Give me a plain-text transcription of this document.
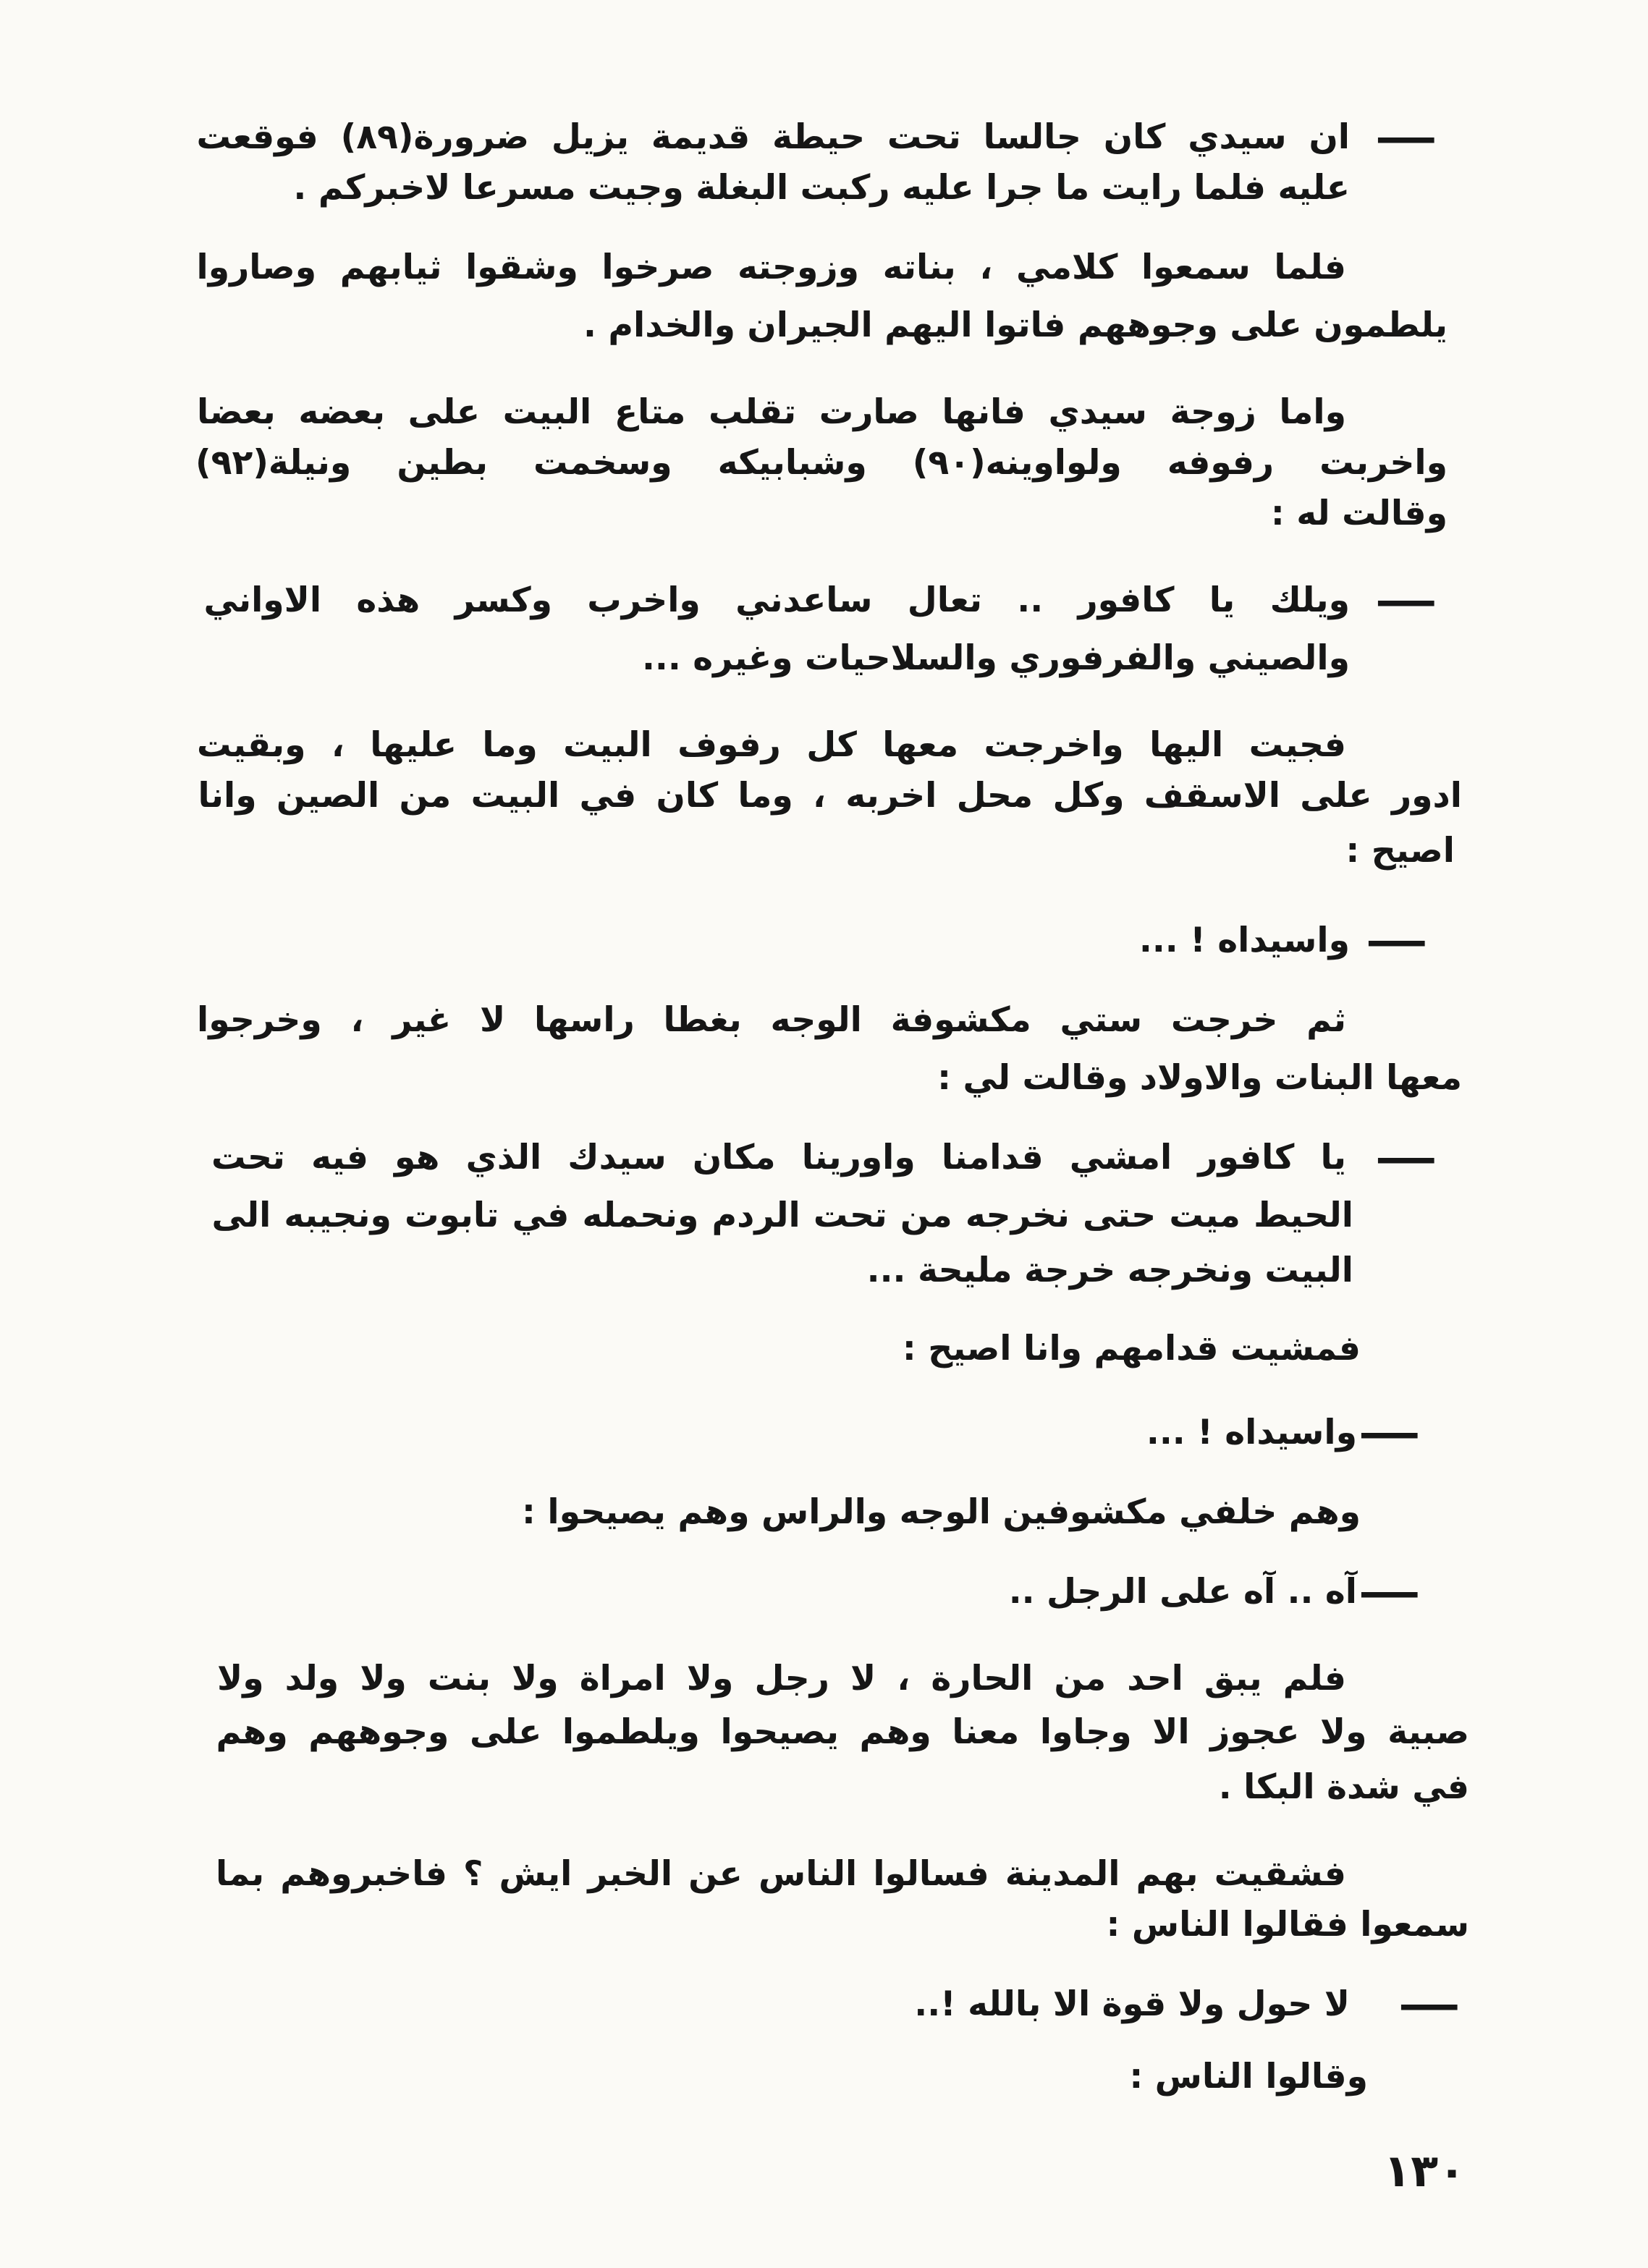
—
—
—
—
—
—
—
ان سيدي كان جالسا تحت حيطة قديمة يزيل ضرورة(٨٩) فوقعت
عليه فلما رايت ما جرا عليه ركبت البغلة وجيت مسرعا لاخبركم .
فلما سمعوا كلامي ، بناته وزوجته صرخوا وشقوا ثيابهم وصاروا
يلطمون على وجوههم فاتوا اليهم الجيران والخدام .
واما زوجة سيدي فانها صارت تقلب متاع البيت على بعضه بعضا
واخربت رفوفه ولواوينه(٩٠) وشبابيكه وسخمت بطين ونيلة(٩٢)
وقالت له :
ويلك يا كافور .. تعال ساعدني واخرب وكسر هذه الاواني
والصيني والفرفوري والسلاحيات وغيره ...
فجيت اليها واخرجت معها كل رفوف البيت وما عليها ، وبقيت
ادور على الاسقف وكل محل اخربه ، وما كان في البيت من الصين وانا
اصيح :
واسيداه ! ...
ثم خرجت ستي مكشوفة الوجه بغطا راسها لا غير ، وخرجوا
معها البنات والاولاد وقالت لي :
يا كافور امشي قدامنا واورينا مكان سيدك الذي هو فيه تحت
الحيط ميت حتى نخرجه من تحت الردم ونحمله في تابوت ونجيبه الى
البيت ونخرجه خرجة مليحة ...
فمشيت قدامهم وانا اصيح :
واسيداه ! ...
وهم خلفي مكشوفين الوجه والراس وهم يصيحوا :
آه .. آه على الرجل ..
فلم يبق احد من الحارة ، لا رجل ولا امراة ولا بنت ولا ولد ولا
صبية ولا عجوز الا وجاوا معنا وهم يصيحوا ويلطموا على وجوههم وهم
في شدة البكا .
فشقيت بهم المدينة فسالوا الناس عن الخبر ايش ؟ فاخبروهم بما
سمعوا فقالوا الناس :
لا حول ولا قوة الا بالله !..
وقالوا الناس :
١٣٠
